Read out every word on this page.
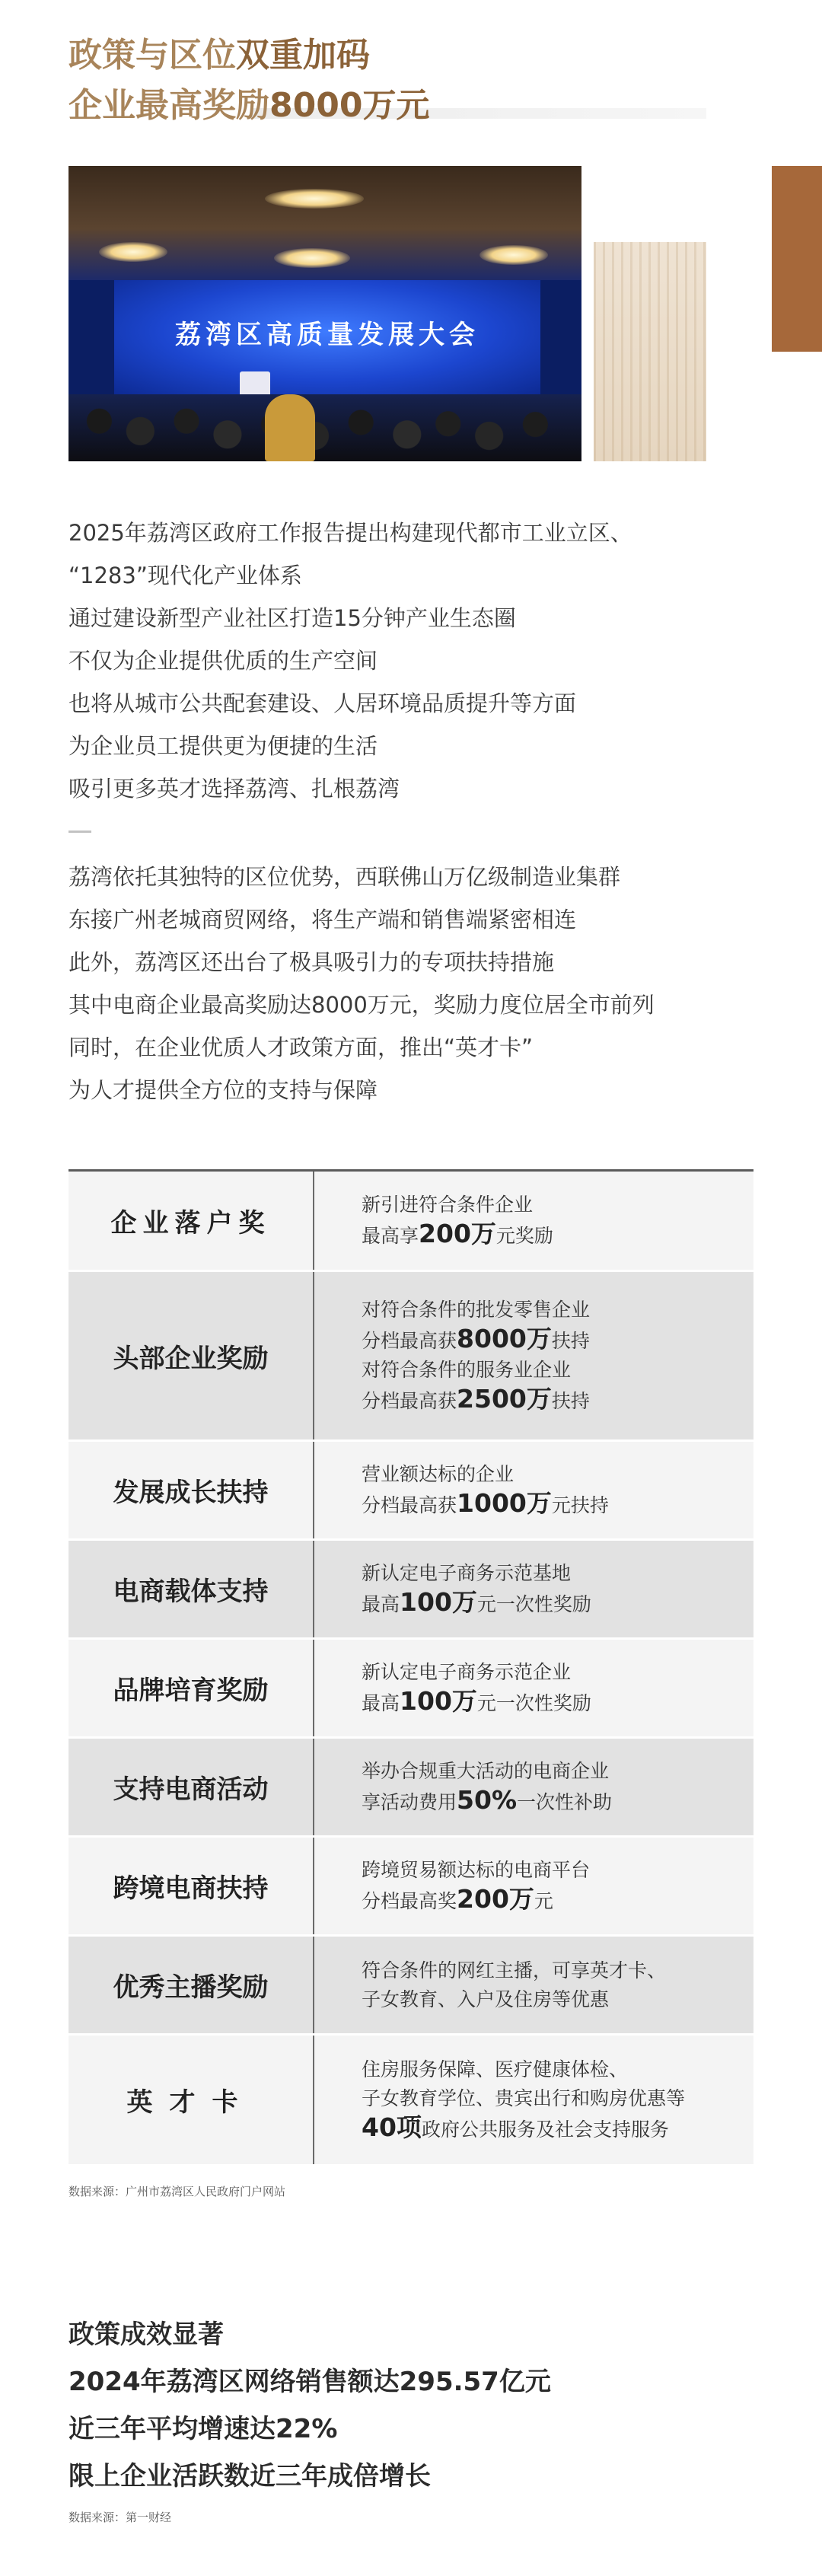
政策与区位双重加码
企业最高奖励8000万元
荔湾区高质量发展大会
2025年荔湾区政府工作报告提出构建现代都市工业立区、
“1283”现代化产业体系
通过建设新型产业社区打造15分钟产业生态圈
不仅为企业提供优质的生产空间
也将从城市公共配套建设、人居环境品质提升等方面
为企业员工提供更为便捷的生活
吸引更多英才选择荔湾、扎根荔湾
荔湾依托其独特的区位优势，西联佛山万亿级制造业集群
东接广州老城商贸网络，将生产端和销售端紧密相连
此外，荔湾区还出台了极具吸引力的专项扶持措施
其中电商企业最高奖励达8000万元，奖励力度位居全市前列
同时，在企业优质人才政策方面，推出“英才卡”
为人才提供全方位的支持与保障
企业落户奖
新引进符合条件企业
最高享200万元奖励
头部企业奖励
对符合条件的批发零售企业
分档最高获8000万扶持
对符合条件的服务业企业
分档最高获2500万扶持
发展成长扶持
营业额达标的企业
分档最高获1000万元扶持
电商载体支持
新认定电子商务示范基地
最高100万元一次性奖励
品牌培育奖励
新认定电子商务示范企业
最高100万元一次性奖励
支持电商活动
举办合规重大活动的电商企业
享活动费用50%一次性补助
跨境电商扶持
跨境贸易额达标的电商平台
分档最高奖200万元
优秀主播奖励
符合条件的网红主播，可享英才卡、
子女教育、入户及住房等优惠
英才卡
住房服务保障、医疗健康体检、
子女教育学位、贵宾出行和购房优惠等
40项政府公共服务及社会支持服务
数据来源：广州市荔湾区人民政府门户网站
政策成效显著
2024年荔湾区网络销售额达295.57亿元
近三年平均增速达22%
限上企业活跃数近三年成倍增长
数据来源：第一财经
